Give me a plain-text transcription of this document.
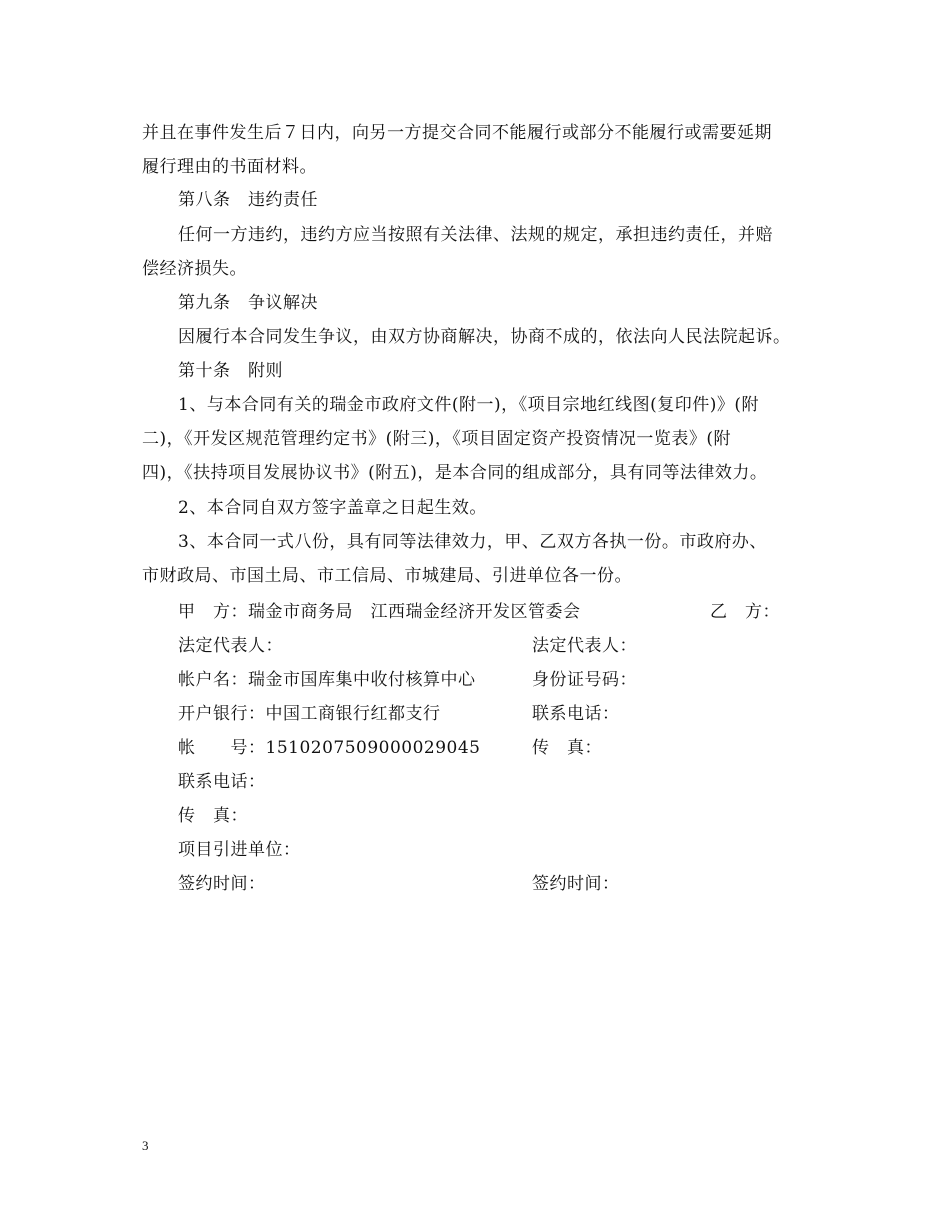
并且在事件发生后７日内，向另一方提交合同不能履行或部分不能履行或需要延期
履行理由的书面材料。
第八条　违约责任
任何一方违约，违约方应当按照有关法律、法规的规定，承担违约责任，并赔
偿经济损失。
第九条　争议解决
因履行本合同发生争议，由双方协商解决，协商不成的，依法向人民法院起诉。
第十条　附则
1、与本合同有关的瑞金市政府文件(附一)，《项目宗地红线图(复印件)》(附
二)，《开发区规范管理约定书》(附三)，《项目固定资产投资情况一览表》(附
四)，《扶持项目发展协议书》(附五)，是本合同的组成部分，具有同等法律效力。
2、本合同自双方签字盖章之日起生效。
3、本合同一式八份，具有同等法律效力，甲、乙双方各执一份。市政府办、
市财政局、市国土局、市工信局、市城建局、引进单位各一份。
甲　方：瑞金市商务局　江西瑞金经济开发区管委会
法定代表人：
帐户名：瑞金市国库集中收付核算中心
开户银行：中国工商银行红都支行
帐　　号：1510207509000029045
联系电话：
传　真：
项目引进单位：
签约时间：
乙　方：
法定代表人：
身份证号码：
联系电话：
传　真：
签约时间：
3
